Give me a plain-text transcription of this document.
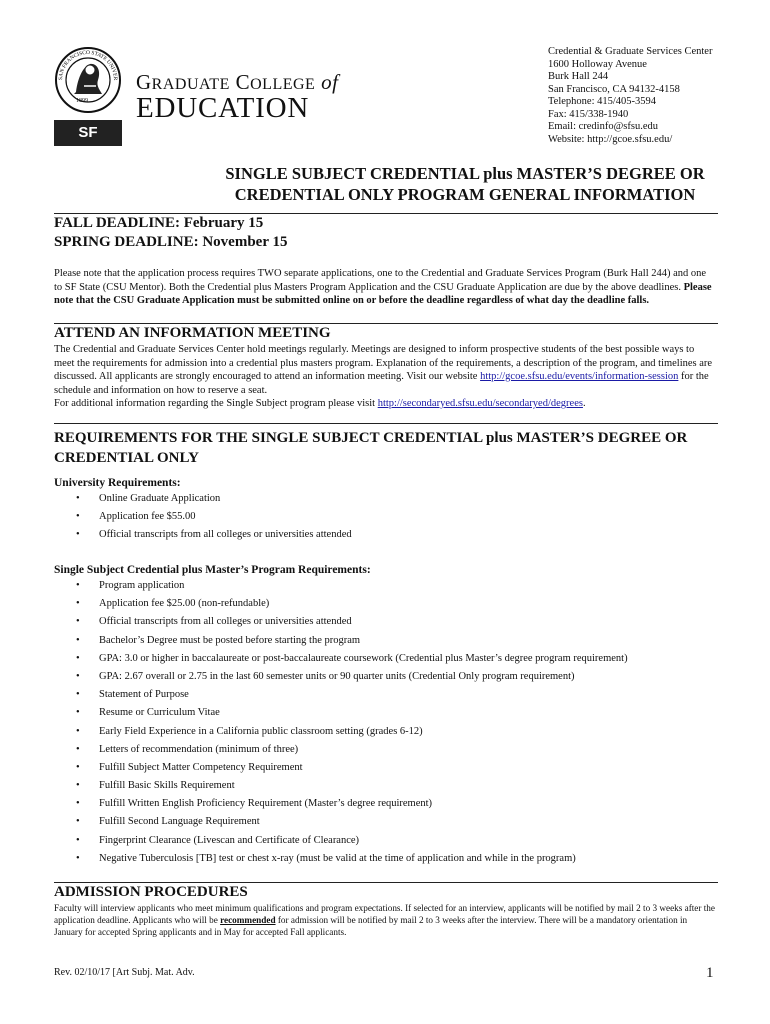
SAN FRANCISCO STATE UNIVER
SF STATE
1899
GRADUATE COLLEGE of
EDUCATION
Credential & Graduate Services Center
1600 Holloway Avenue
Burk Hall 244
San Francisco, CA 94132-4158
Telephone: 415/405-3594
Fax: 415/338-1940
Email: credinfo@sfsu.edu
Website: http://gcoe.sfsu.edu/
SINGLE SUBJECT CREDENTIAL plus MASTER’S DEGREE OR
CREDENTIAL ONLY PROGRAM GENERAL INFORMATION
FALL DEADLINE: February 15
SPRING DEADLINE: November 15
Please note that the application process requires TWO separate applications, one to the Credential and Graduate Services Program (Burk Hall 244) and one to SF State (CSU Mentor). Both the Credential plus Masters Program Application and the CSU Graduate Application are due by the above deadlines. Please note that the CSU Graduate Application must be submitted online on or before the deadline regardless of what day the deadline falls.
ATTEND AN INFORMATION MEETING
The Credential and Graduate Services Center hold meetings regularly. Meetings are designed to inform prospective students of the best possible ways to meet the requirements for admission into a credential plus masters program. Explanation of the requirements, a description of the program, and timelines are discussed. All applicants are strongly encouraged to attend an information meeting. Visit our website http://gcoe.sfsu.edu/events/information-session for the schedule and information on how to reserve a seat.
For additional information regarding the Single Subject program please visit http://secondaryed.sfsu.edu/secondaryed/degrees.
REQUIREMENTS FOR THE SINGLE SUBJECT CREDENTIAL plus MASTER’S DEGREE OR
CREDENTIAL ONLY
University Requirements:
• Online Graduate Application
• Application fee $55.00
• Official transcripts from all colleges or universities attended
Single Subject Credential plus Master’s Program Requirements:
• Program application
• Application fee $25.00 (non-refundable)
• Official transcripts from all colleges or universities attended
• Bachelor’s Degree must be posted before starting the program
• GPA: 3.0 or higher in baccalaureate or post-baccalaureate coursework (Credential plus Master’s degree program requirement)
• GPA: 2.67 overall or 2.75 in the last 60 semester units or 90 quarter units (Credential Only program requirement)
• Statement of Purpose
• Resume or Curriculum Vitae
• Early Field Experience in a California public classroom setting (grades 6-12)
• Letters of recommendation (minimum of three)
• Fulfill Subject Matter Competency Requirement
• Fulfill Basic Skills Requirement
• Fulfill Written English Proficiency Requirement (Master’s degree requirement)
• Fulfill Second Language Requirement
• Fingerprint Clearance (Livescan and Certificate of Clearance)
• Negative Tuberculosis [TB] test or chest x-ray (must be valid at the time of application and while in the program)
ADMISSION PROCEDURES
Faculty will interview applicants who meet minimum qualifications and program expectations. If selected for an interview, applicants will be notified by mail 2 to 3 weeks after the application deadline. Applicants who will be recommended for admission will be notified by mail 2 to 3 weeks after the interview. There will be a mandatory orientation in January for accepted Spring applicants and in May for accepted Fall applicants.
Rev. 02/10/17 [Art Subj. Mat. Adv.	1
